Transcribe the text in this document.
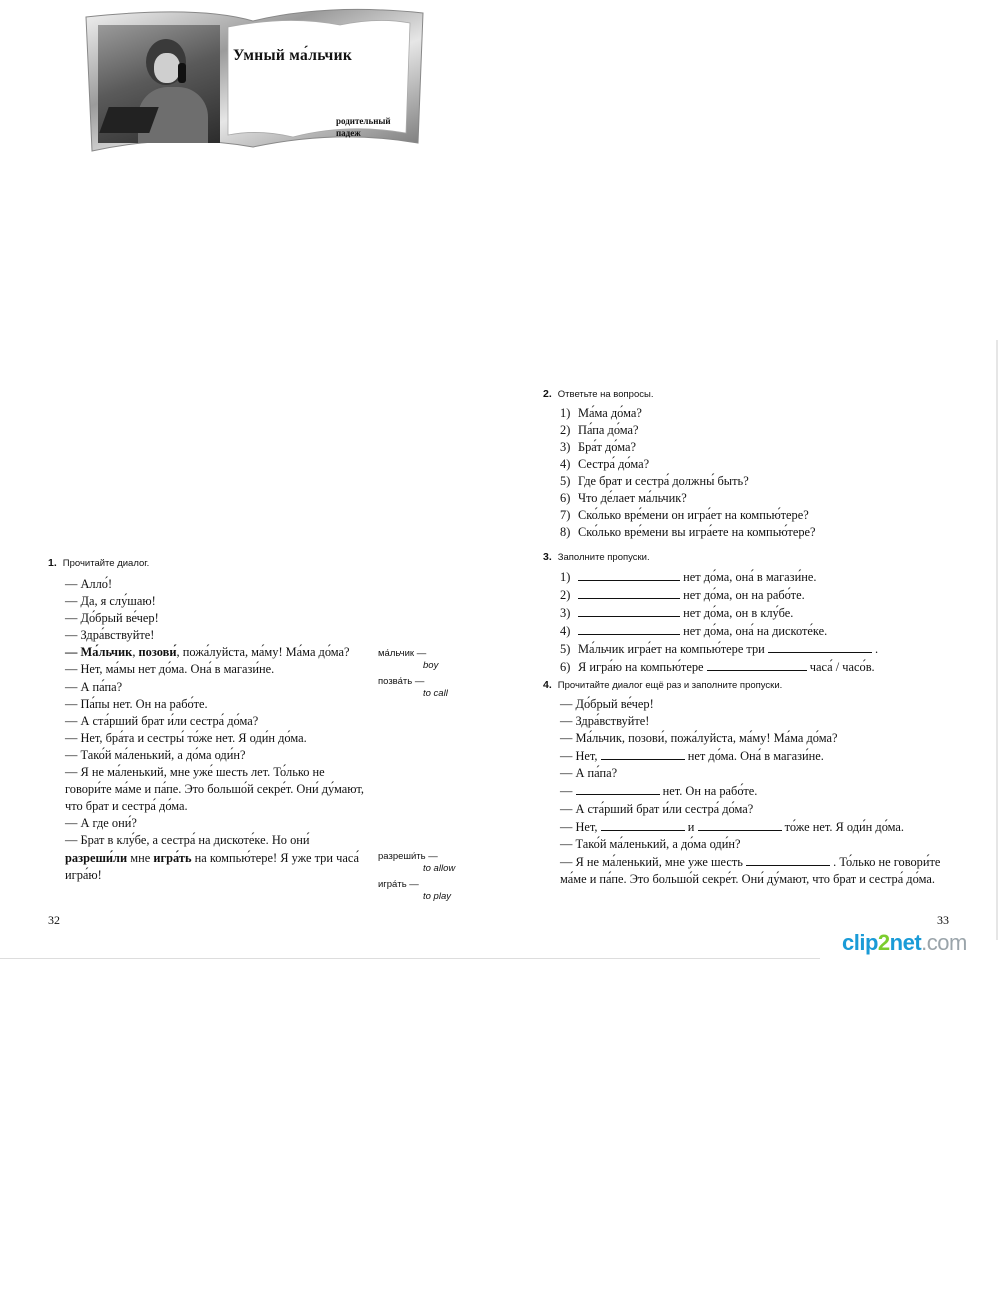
Умный ма́льчик
родительный падеж
1. Прочитайте диалог.

— Алло́!

— Да, я слу́шаю!

— До́брый ве́чер!

— Здра́вствуйте!

— Ма́льчик, позови́, пожа́луйста, ма́му! Ма́ма до́ма?

— Нет, ма́мы нет до́ма. Она́ в магази́не.

— А па́па?

— Па́пы нет. Он на рабо́те.

— А ста́рший брат и́ли сестра́ до́ма?

— Нет, бра́та и сестры́ то́же нет. Я оди́н до́ма.

— Тако́й ма́ленький, а до́ма оди́н?

— Я не ма́ленький, мне уже́ шесть лет. То́лько не говори́те ма́ме и па́пе. Это большо́й секре́т. Они́ ду́мают, что брат и сестра́ до́ма.

— А где они́?

— Брат в клу́бе, а сестра́ на дискоте́ке. Но они́ разреши́ли мне игра́ть на компью́тере! Я уже три часа́ игра́ю!

ма́льчик —
boy
позва́ть —
to call
разреши́ть —
to allow
игра́ть —
to play
32
2. Ответьте на вопросы.
1) Ма́ма до́ма?
2) Па́па до́ма?
3) Бра́т до́ма?
4) Сестра́ до́ма?
5) Где брат и сестра́ должны́ быть?
6) Что де́лает ма́льчик?
7) Ско́лько вре́мени он игра́ет на компью́тере?
8) Ско́лько вре́мени вы игра́ете на компью́тере?
3. Заполните пропуски.
1)	нет до́ма, она́ в магази́не.
2)	нет до́ма, он на рабо́те.
3)	нет до́ма, он в клу́бе.
4)	нет до́ма, она́ на дискоте́ке.
5) Ма́льчик игра́ет на компью́тере три	.
6) Я игра́ю на компью́тере	часа́ / часо́в.
4. Прочитайте диалог ещё раз и заполните пропуски.

— До́брый ве́чер!

— Здра́вствуйте!

— Ма́льчик, позови́, пожа́луйста, ма́му! Ма́ма до́ма?

— Нет,	нет до́ма. Она́ в магази́не.

— А па́па?

—	нет. Он на рабо́те.

— А ста́рший брат и́ли сестра́ до́ма?

— Нет,	и	то́же нет. Я оди́н до́ма.

— Тако́й ма́ленький, а до́ма оди́н?

— Я не ма́ленький, мне уже шесть	. То́лько не говори́те ма́ме и па́пе. Это большо́й секре́т. Они́ ду́мают, что брат и сестра́ до́ма.

33
clip2net.com
